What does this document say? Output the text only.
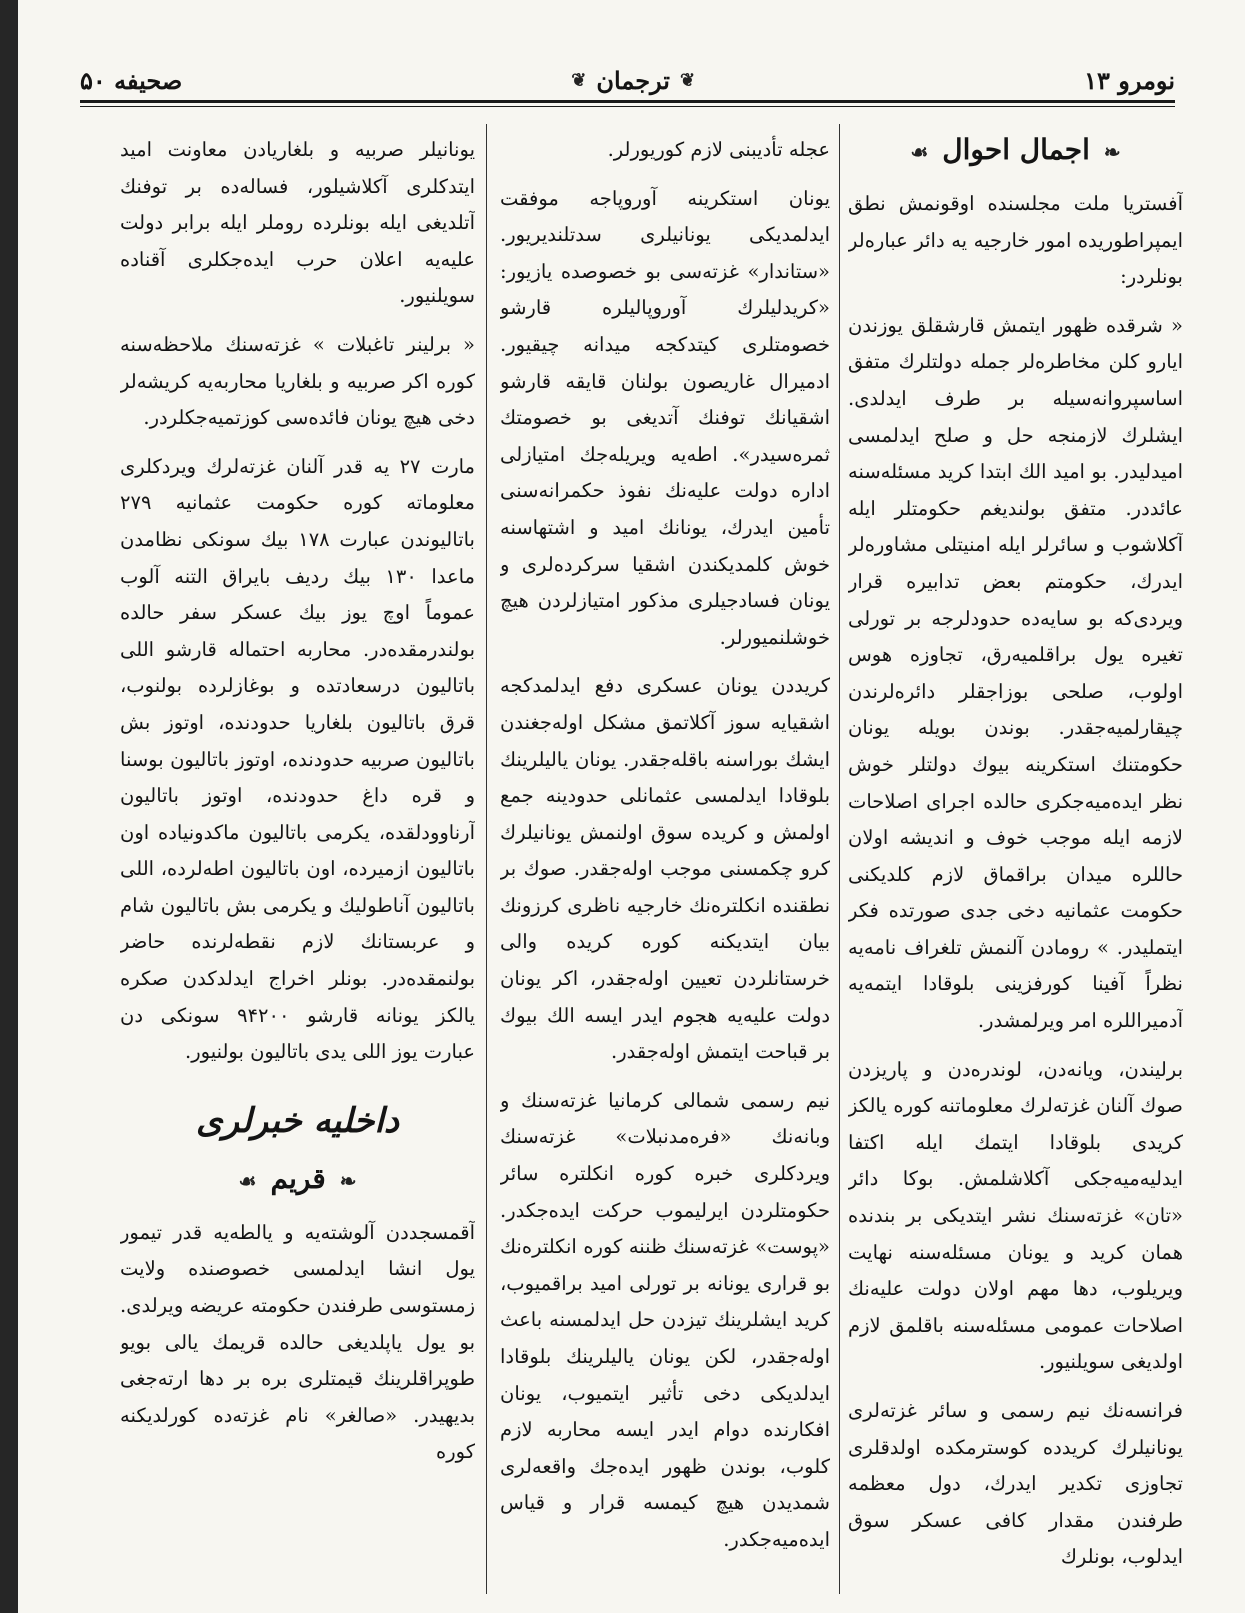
نومرو ۱۳
❦
ترجمان
❦
صحيفه ۵۰
❧اجمال احوال☙

آفستريا ملت مجلسنده اوقونمش نطق ايمپراطوريده امور خارجيه يه دائر عبارەلر بونلردر:

« شرقده ظهور ايتمش قارشقلق يوزندن ايارو كلن مخاطرەلر جمله دولتلرك متفق اساسپروانه‌سيله بر طرف ايدلدى. ايشلرك لازمنجه حل و صلح ايدلمسى اميدليدر. بو اميد الك ابتدا كريد مسئله‌سنه عائددر. متفق بولنديغم حكومتلر ايله آكلاشوب و سائرلر ايله امنيتلى مشاورەلر ايدرك، حكومتم بعض تدابيره قرار ويردى‌كه بو سايەده حدودلرجه بر تورلى تغيره يول براقلميەرق، تجاوزه هوس اولوب، صلحى بوزاجقلر دائرەلرندن چيقارلميەجقدر. بوندن بويله يونان حكومتنك استكرينه بيوك دولتلر خوش نظر ايده‌ميه‌جكرى حالده اجراى اصلاحات لازمه ايله موجب خوف و انديشه اولان حاللره ميدان براقماق لازم كلديكنى حكومت عثمانيه دخى جدى صورتده فكر ايتمليدر. » رومادن آلنمش تلغراف نامه‌يه نظراً آفينا كورفزينى بلوقادا ايتمه‌يه آدميراللره امر ويرلمشدر.

برليندن، ويانه‌دن، لوندرەدن و پاريزدن صوك آلنان غزته‌لرك معلوماتنه كوره يالكز كريدى بلوقادا ايتمك ايله اكتفا ايدليه‌ميه‌جكى آكلاشلمش. بوكا دائر «تان» غزته‌سنك نشر ايتديكى بر بندنده همان كريد و يونان مسئله‌سنه نهايت ويريلوب، دها مهم اولان دولت عليه‌نك اصلاحات عمومى مسئله‌سنه باقلمق لازم اولديغى سويلنيور.

فرانسه‌نك نيم رسمى و سائر غزته‌لرى يونانيلرك كريدده كوسترمكده اولدقلرى تجاوزى تكدير ايدرك، دول معظمه طرفندن مقدار كافى عسكر سوق ايدلوب، بونلرك

عجله تأديبنى لازم كوريورلر.

يونان استكرينه آوروپاجه موفقت ايدلمديكى يونانيلرى سدتلنديريور. «ستاندار» غزته‌سى بو خصوصده يازيور: «كريدليلرك آوروپاليلره قارشو خصومتلرى كيتدكجه ميدانه چيقيور. ادميرال غاريصون بولنان قايقه قارشو اشقيانك توفنك آتديغى بو خصومتك ثمرەسيدر». اطه‌يه ويريله‌جك امتيازلى اداره دولت عليه‌نك نفوذ حكمرانه‌سنى تأمين ايدرك، يونانك اميد و اشتهاسنه خوش كلمديكندن اشقيا سركردەلرى و يونان فسادجيلرى مذكور امتيازلردن هيچ خوشلنميورلر.

كريددن يونان عسكرى دفع ايدلمدكجه اشقيايه سوز آكلاتمق مشكل اوله‌جغندن ايشك بوراسنه باقله‌جقدر. يونان ياليلرينك بلوقادا ايدلمسى عثمانلى حدودينه جمع اولمش و كريده سوق اولنمش يونانيلرك كرو چكمسنى موجب اوله‌جقدر. صوك بر نطقنده انكلتره‌نك خارجيه ناظرى كرزونك بيان ايتديكنه كوره كريده والى خرستانلردن تعيين اوله‌جقدر، اكر يونان دولت عليه‌يه هجوم ايدر ايسه الك بيوك بر قباحت ايتمش اوله‌جقدر.

نيم رسمى شمالى كرمانيا غزته‌سنك و وبانه‌نك «فرەمدنبلات» غزته‌سنك ويردكلرى خبره كوره انكلتره سائر حكومتلردن ايرليموب حركت ايده‌جكدر. «پوست» غزته‌سنك ظننه كوره انكلتره‌نك بو قرارى يونانه بر تورلى اميد براقميوب، كريد ايشلرينك تيزدن حل ايدلمسنه باعث اوله‌جقدر، لكن يونان ياليلرينك بلوقادا ايدلديكى دخى تأثير ايتميوب، يونان افكارنده دوام ايدر ايسه محاربه لازم كلوب، بوندن ظهور ايده‌جك واقعەلرى شمديدن هيچ كيمسه قرار و قياس ايده‌ميه‌جكدر.

يونانيلر صربيه و بلغاريادن معاونت اميد ايتدكلرى آكلاشيلور، فساله‌ده بر توفنك آتلديغى ايله بونلرده روملر ايله برابر دولت عليه‌يه اعلان حرب ايده‌جكلرى آقناده سويلنيور.

« برلينر تاغبلات » غزته‌سنك ملاحظه‌سنه كوره اكر صربيه و بلغاريا محاربه‌يه كريشه‌لر دخى هيچ يونان فائده‌سى كوزتميه‌جكلردر.

مارت ۲۷ يه قدر آلنان غزته‌لرك ويردكلرى معلوماته كوره حكومت عثمانيه ۲۷۹ باتاليوندن عبارت ۱۷۸ بيك سونكى نظامدن ماعدا ۱۳۰ بيك رديف بايراق التنه آلوب عموماً اوچ يوز بيك عسكر سفر حالده بولندرمقده‌در. محاربه احتماله قارشو اللى باتاليون درسعادتده و بوغازلرده بولنوب، قرق باتاليون بلغاريا حدودنده، اوتوز بش باتاليون صربيه حدودنده، اوتوز باتاليون بوسنا و قره داغ حدودنده، اوتوز باتاليون آرناوودلقده، يكرمى باتاليون ماكدونياده اون باتاليون ازميرده، اون باتاليون اطه‌لرده، اللى باتاليون آناطوليك و يكرمى بش باتاليون شام و عربستانك لازم نقطه‌لرنده حاضر بولنمقده‌در. بونلر اخراج ايدلدكدن صكره يالكز يونانه قارشو ۹۴۲۰۰ سونكى دن عبارت يوز اللى يدى باتاليون بولنيور.

داخليه خبرلرى
❧قريم☙

آقمسجددن آلوشته‌يه و يالطه‌يه قدر تيمور يول انشا ايدلمسى خصوصنده ولايت زمستوسى طرفندن حكومته عريضه ويرلدى. بو يول ياپلديغى حالده قريمك يالى بويو طوپراقلرينك قيمتلرى بره بر دها ارته‌جغى بديهيدر. «صالغر» نام غزته‌ده كورلديكنه كوره
